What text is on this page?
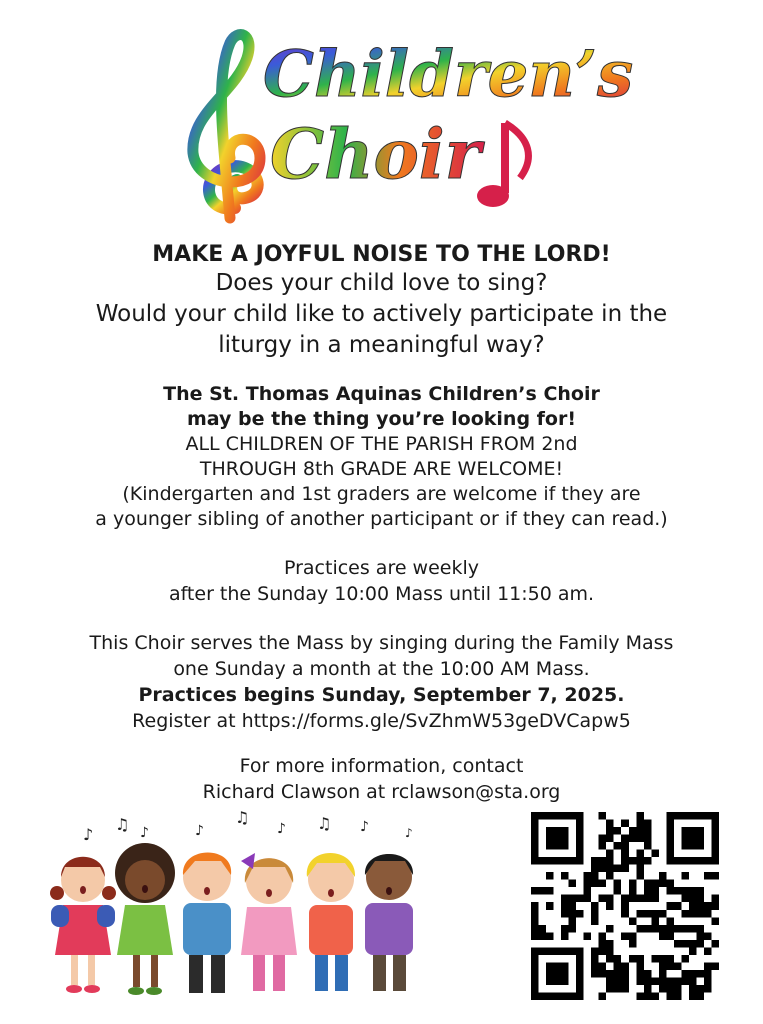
Children’s
Choir
MAKE A JOYFUL NOISE TO THE LORD!
Does your child love to sing?
Would your child like to actively participate in the
liturgy in a meaningful way?
The St. Thomas Aquinas Children’s Choir
may be the thing you’re looking for!
ALL CHILDREN OF THE PARISH FROM 2nd
THROUGH 8th GRADE ARE WELCOME!
(Kindergarten and 1st graders are welcome if they are
a younger sibling of another participant or if they can read.)
Practices are weekly
after the Sunday 10:00 Mass until 11:50 am.
This Choir serves the Mass by singing during the Family Mass
one Sunday a month at the 10:00 AM Mass.
Practices begins Sunday, September 7, 2025.
Register at https://forms.gle/SvZhmW53geDVCapw5
For more information, contact
Richard Clawson at rclawson@sta.org
♪
♫ ♪	♪
♫
♪ ♫ ♪	♪
